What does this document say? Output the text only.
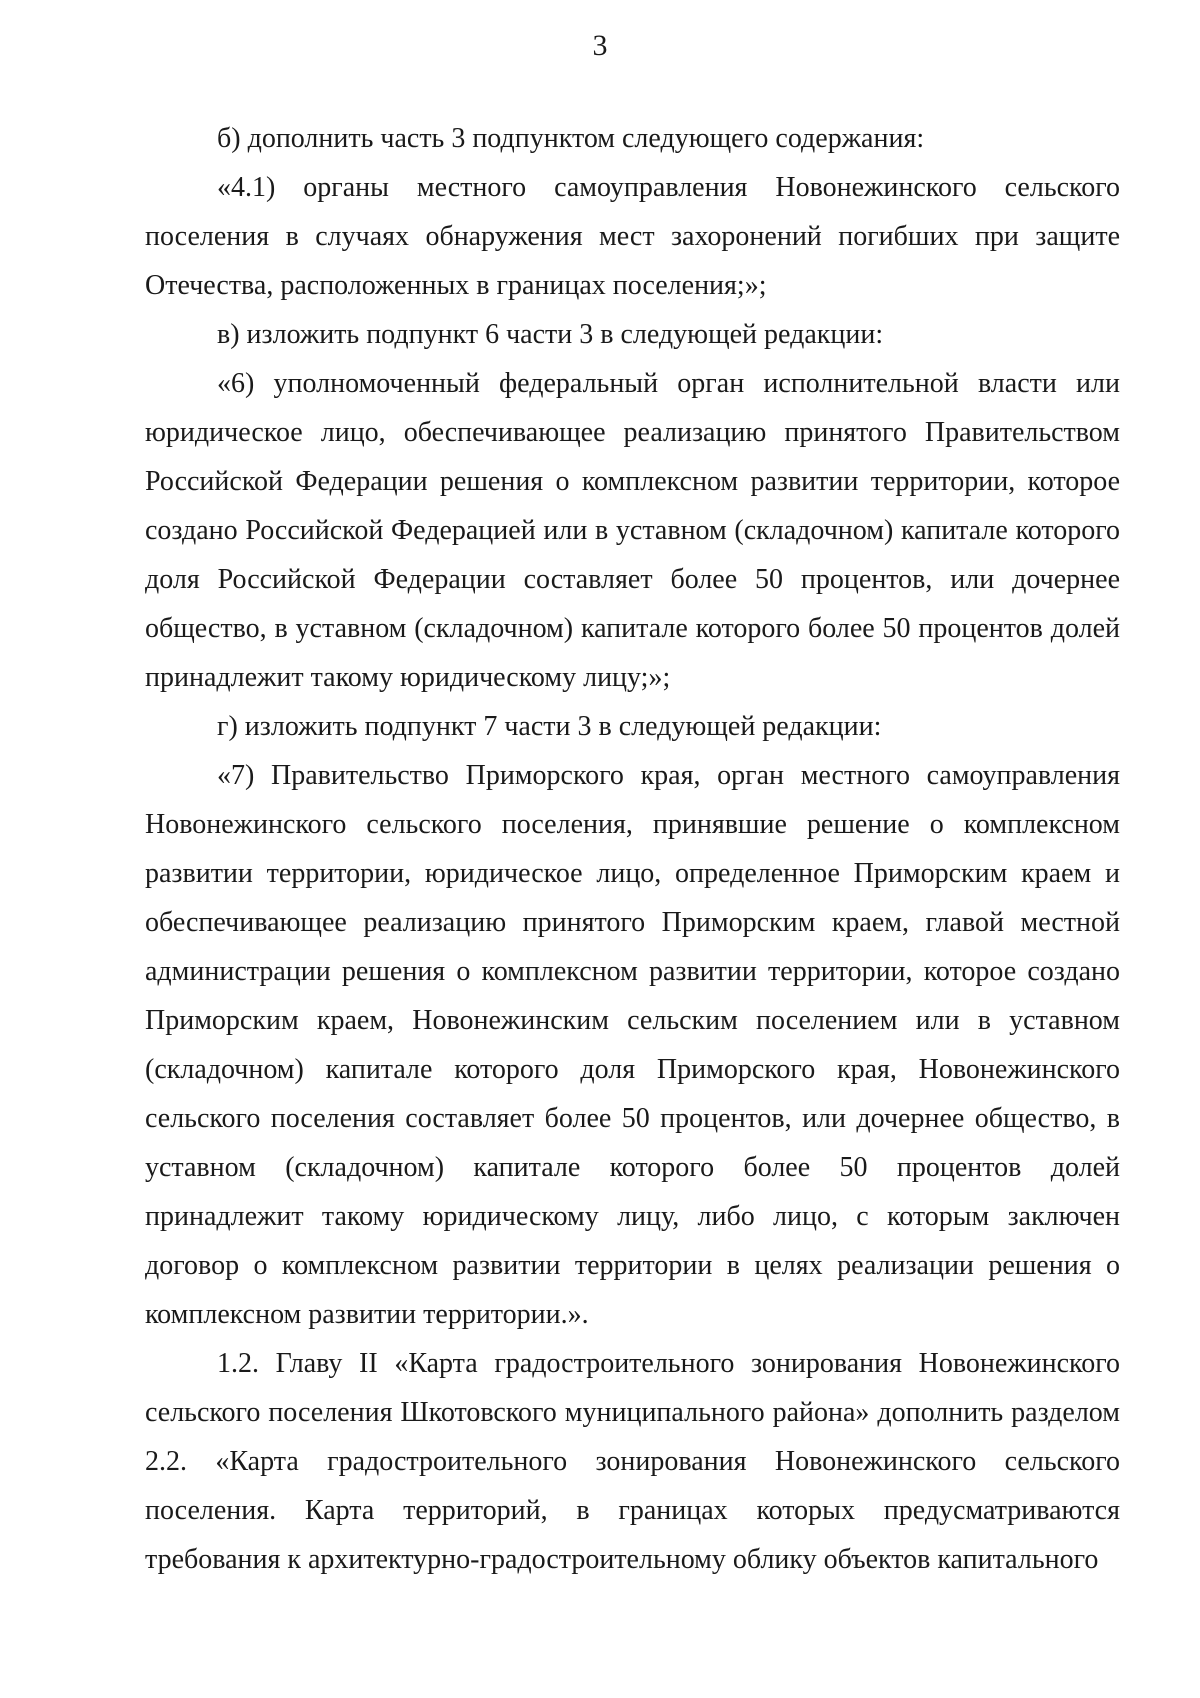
3

б) дополнить часть 3 подпунктом следующего содержания:

«4.1) органы местного самоуправления Новонежинского сельского поселения в случаях обнаружения мест захоронений погибших при защите Отечества, расположенных в границах поселения;»;

в) изложить подпункт 6 части 3 в следующей редакции:

«6) уполномоченный федеральный орган исполнительной власти или юридическое лицо, обеспечивающее реализацию принятого Правительством Российской Федерации решения о комплексном развитии территории, которое создано Российской Федерацией или в уставном (складочном) капитале которого доля Российской Федерации составляет более 50 процентов, или дочернее общество, в уставном (складочном) капитале которого более 50 процентов долей принадлежит такому юридическому лицу;»;

г) изложить подпункт 7 части 3 в следующей редакции:

«7) Правительство Приморского края, орган местного самоуправления Новонежинского сельского поселения, принявшие решение о комплексном развитии территории, юридическое лицо, определенное Приморским краем и обеспечивающее реализацию принятого Приморским краем, главой местной администрации решения о комплексном развитии территории, которое создано Приморским краем, Новонежинским сельским поселением или в уставном (складочном) капитале которого доля Приморского края, Новонежинского сельского поселения составляет более 50 процентов, или дочернее общество, в уставном (складочном) капитале которого более 50 процентов долей принадлежит такому юридическому лицу, либо лицо, с которым заключен договор о комплексном развитии территории в целях реализации решения о комплексном развитии территории.».

1.2. Главу II «Карта градостроительного зонирования Новонежинского сельского поселения Шкотовского муниципального района» дополнить разделом 2.2. «Карта градостроительного зонирования Новонежинского сельского поселения. Карта территорий, в границах которых предусматриваются требования к архитектурно-градостроительному облику объектов капитального
